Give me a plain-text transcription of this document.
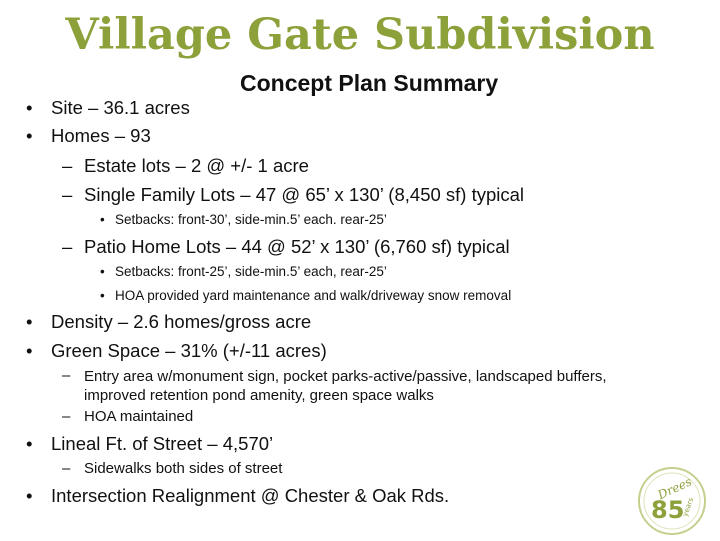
Village Gate Subdivision
Concept Plan Summary
• Site – 36.1 acres
• Homes – 93
– Estate lots – 2 @ +/- 1 acre
– Single Family Lots – 47 @ 65’ x 130’ (8,450 sf) typical
• Setbacks: front-30’, side-min.5’ each. rear-25’
– Patio Home Lots – 44 @ 52’ x 130’ (6,760 sf) typical
• Setbacks: front-25’, side-min.5’ each, rear-25’
• HOA provided yard maintenance and walk/driveway snow removal
• Density – 2.6 homes/gross acre
• Green Space – 31% (+/-11 acres)
– Entry area w/monument sign, pocket parks-active/passive, landscaped buffers, improved retention pond amenity, green space walks
– HOA maintained
• Lineal Ft. of Street – 4,570’
– Sidewalks both sides of street
• Intersection Realignment @ Chester & Oak Rds.	Drees
85
years
